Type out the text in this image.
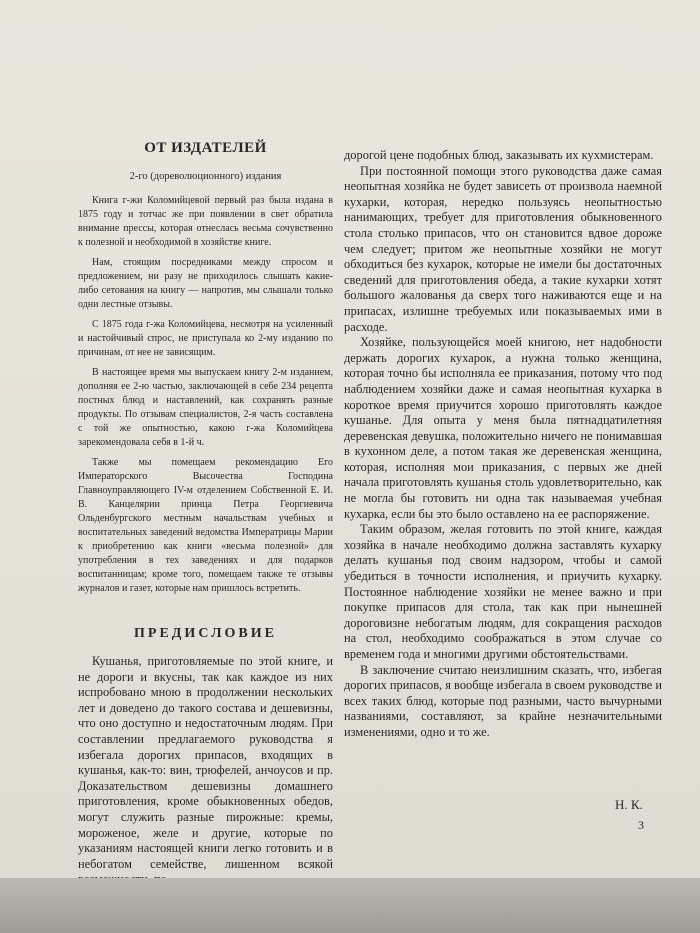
ОТ ИЗДАТЕЛЕЙ
2-го (дореволюционного) издания

Книга г-жи Коломийцевой первый раз была издана в 1875 году и тотчас же при появлении в свет обратила внимание прессы, которая отнеслась весьма сочувственно к полезной и необходимой в хозяйстве книге.

Нам, стоящим посредниками между спросом и предложением, ни разу не приходилось слышать какие-либо сетования на книгу — напротив, мы слышали только одни лестные отзывы.

С 1875 года г-жа Коломийцева, несмотря на усиленный и настойчивый спрос, не приступала ко 2-му изданию по причинам, от нее не зависящим.

В настоящее время мы выпускаем книгу 2-м изданием, дополняя ее 2-ю частью, заключающей в себе 234 рецепта постных блюд и наставлений, как сохранять разные продукты. По отзывам специалистов, 2-я часть составлена с той же опытностью, какою г-жа Коломийцева зарекомендовала себя в 1-й ч.

Также мы помещаем рекомендацию Его Императорского Высочества Господина Главноуправляющего IV-м отделением Собственной Е. И. В. Канцелярии принца Петра Георгиевича Ольденбургского местным начальствам учебных и воспитательных заведений ведомства Императрицы Марии к приобретению как книги «весьма полезной» для употребления в тех заведениях и для подарков воспитанницам; кроме того, помещаем также те отзывы журналов и газет, которые нам пришлось встретить.

ПРЕДИСЛОВИЕ

Кушанья, приготовляемые по этой книге, и не дороги и вкусны, так как каждое из них испробовано мною в продолжении нескольких лет и доведено до такого состава и дешевизны, что оно доступно и недостаточным людям. При составлении предлагаемого руководства я избегала дорогих припасов, входящих в кушанья, как-то: вин, трюфелей, анчоусов и пр. Доказательством дешевизны домашнего приготовления, кроме обыкновенных обедов, могут служить разные пирожные: кремы, мороженое, желе и другие, которые по указаниям настоящей книги легко готовить и в небогатом семействе, лишенном всякой

дорогой цене подобных блюд, заказывать их кухмистерам.

При постоянной помощи этого руководства даже самая неопытная хозяйка не будет зависеть от произвола наемной кухарки, которая, нередко пользуясь неопытностью нанимающих, требует для приготовления обыкновенного стола столько припасов, что он становится вдвое дороже чем следует; притом же неопытные хозяйки не могут обходиться без кухарок, которые не имели бы достаточных сведений для приготовления обеда, а такие кухарки хотят большого жалованья да сверх того наживаются еще и на припасах, излишне требуемых или показываемых ими в расходе.

Хозяйке, пользующейся моей книгою, нет надобности держать дорогих кухарок, а нужна только женщина, которая точно бы исполняла ее приказания, потому что под наблюдением хозяйки даже и самая неопытная кухарка в короткое время приучится хорошо приготовлять каждое кушанье. Для опыта у меня была пятнадцатилетняя деревенская девушка, положительно ничего не понимавшая в кухонном деле, а потом такая же деревенская женщина, которая, исполняя мои приказания, с первых же дней начала приготовлять кушанья столь удовлетворительно, как не могла бы готовить ни одна так называемая учебная кухарка, если бы это было оставлено на ее распоряжение.

Таким образом, желая готовить по этой книге, каждая хозяйка в начале необходимо должна заставлять кухарку делать кушанья под своим надзором, чтобы и самой убедиться в точности исполнения, и приучить кухарку. Постоянное наблюдение хозяйки не менее важно и при покупке припасов для стола, так как при нынешней дороговизне небогатым людям, для сокращения расходов на стол, необходимо соображаться в этом случае со временем года и многими другими обстоятельствами.

В заключение считаю неизлишним сказать, что, избегая дорогих припасов, я вообще избегала в своем руководстве и всех таких блюд, которые под разными, часто вычурными названиями, составляют, за крайне незначительными изменениями, одно и то же.

Н. К.
3
